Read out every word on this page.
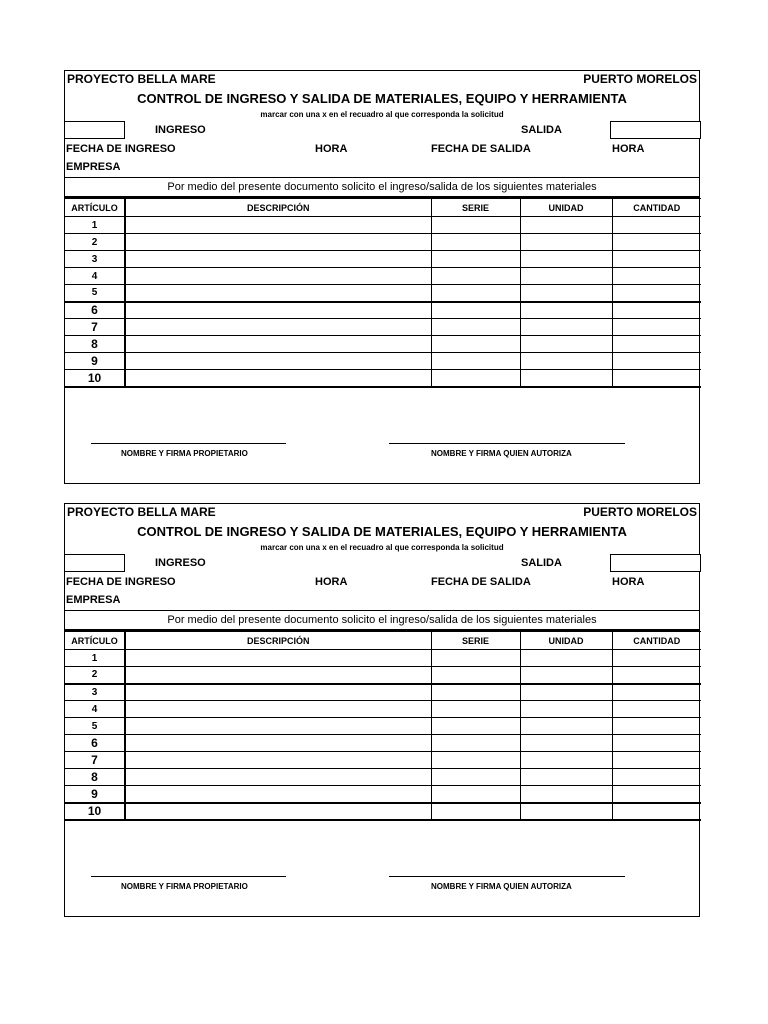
PROYECTO BELLA MARE	PUERTO MORELOS
CONTROL DE INGRESO Y SALIDA DE MATERIALES, EQUIPO Y HERRAMIENTA
marcar con una x en el recuadro al que corresponda la solicitud
INGRESO	SALIDA
FECHA DE INGRESO	HORA	FECHA DE SALIDA	HORA
EMPRESA
Por medio del presente documento solicito el ingreso/salida de los siguientes materiales
ARTÍCULO	DESCRIPCIÓN	SERIE	UNIDAD	CANTIDAD
1				
2				
3				
4				
5				
6				
7				
8				
9				
10				
NOMBRE Y FIRMA PROPIETARIO	NOMBRE Y FIRMA QUIEN AUTORIZA
PROYECTO BELLA MARE	PUERTO MORELOS
CONTROL DE INGRESO Y SALIDA DE MATERIALES, EQUIPO Y HERRAMIENTA
marcar con una x en el recuadro al que corresponda la solicitud
INGRESO	SALIDA
FECHA DE INGRESO	HORA	FECHA DE SALIDA	HORA
EMPRESA
Por medio del presente documento solicito el ingreso/salida de los siguientes materiales
ARTÍCULO	DESCRIPCIÓN	SERIE	UNIDAD	CANTIDAD
1				
2				
3				
4				
5				
6				
7				
8				
9				
10				
NOMBRE Y FIRMA PROPIETARIO	NOMBRE Y FIRMA QUIEN AUTORIZA
